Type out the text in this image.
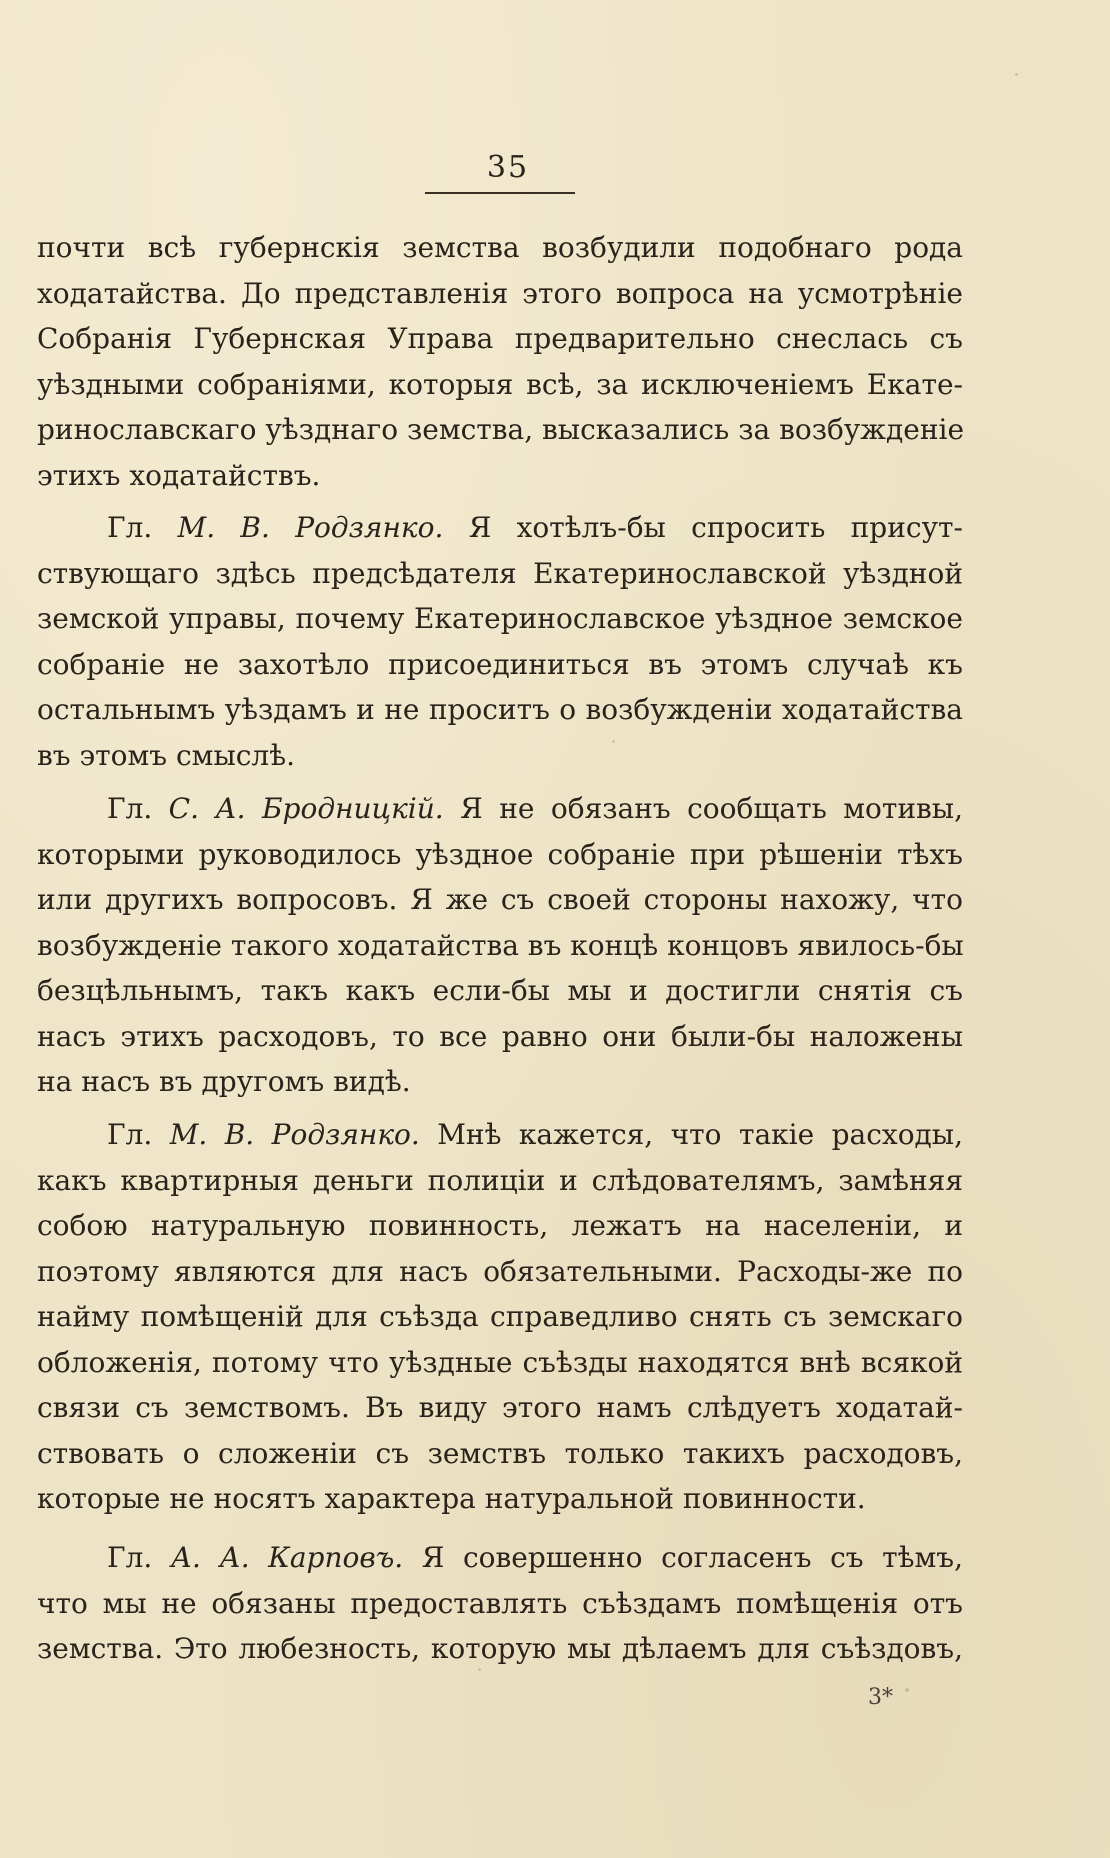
35
почти всѣ губернскія земства возбудили подобнаго рода
ходатайства. До представленія этого вопроса на усмотрѣніе
Собранія Губернская Управа предварительно снеслась съ
уѣздными собраніями, которыя всѣ, за исключеніемъ Екате-
ринославскаго уѣзднаго земства, высказались за возбужденіе
этихъ ходатайствъ.
Гл. М. В. Родзянко. Я хотѣлъ-бы спросить присут-
ствующаго здѣсь предсѣдателя Екатеринославской уѣздной
земской управы, почему Екатеринославское уѣздное земское
собраніе не захотѣло присоединиться въ этомъ случаѣ къ
остальнымъ уѣздамъ и не проситъ о возбужденіи ходатайства
въ этомъ смыслѣ.
Гл. С. А. Бродницкій. Я не обязанъ сообщать мотивы,
которыми руководилось уѣздное собраніе при рѣшеніи тѣхъ
или другихъ вопросовъ. Я же съ своей стороны нахожу, что
возбужденіе такого ходатайства въ концѣ концовъ явилось-бы
безцѣльнымъ, такъ какъ если-бы мы и достигли снятія съ
насъ этихъ расходовъ, то все равно они были-бы наложены
на насъ въ другомъ видѣ.
Гл. М. В. Родзянко. Мнѣ кажется, что такіе расходы,
какъ квартирныя деньги полиціи и слѣдователямъ, замѣняя
собою натуральную повинность, лежатъ на населеніи, и
поэтому являются для насъ обязательными. Расходы-же по
найму помѣщеній для съѣзда справедливо снять съ земскаго
обложенія, потому что уѣздные съѣзды находятся внѣ всякой
связи съ земствомъ. Въ виду этого намъ слѣдуетъ ходатай-
ствовать о сложеніи съ земствъ только такихъ расходовъ,
которые не носятъ характера натуральной повинности.
Гл. А. А. Карповъ. Я совершенно согласенъ съ тѣмъ,
что мы не обязаны предоставлять съѣздамъ помѣщенія отъ
земства. Это любезность, которую мы дѣлаемъ для съѣздовъ,
3*
